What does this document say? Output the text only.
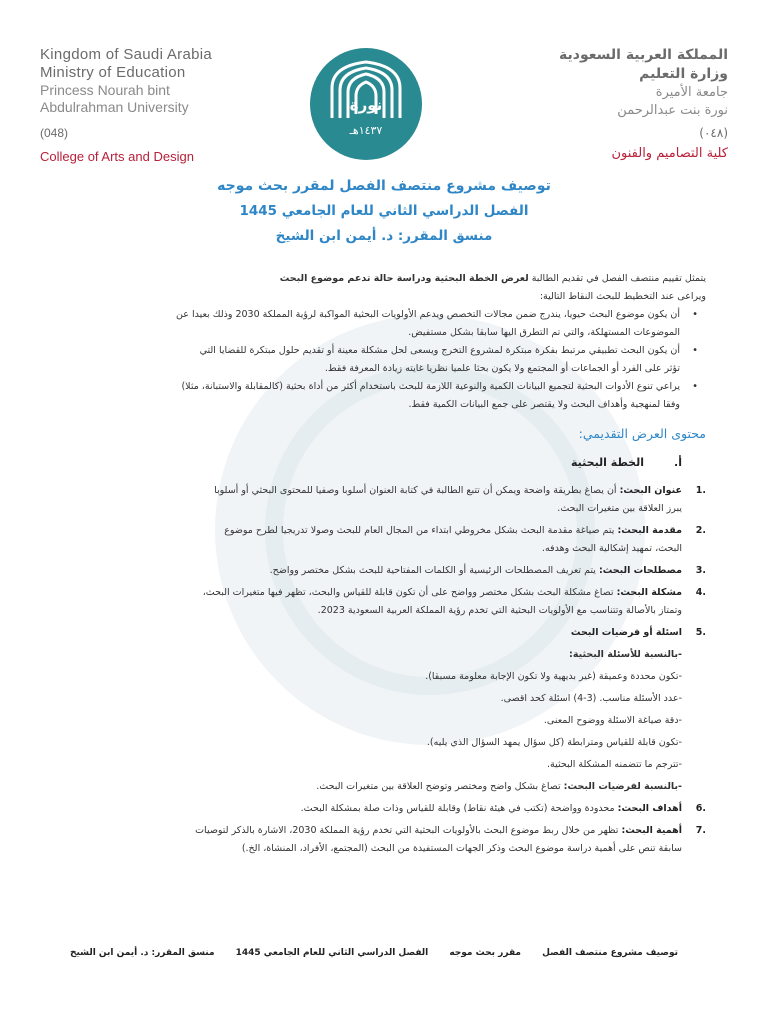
Kingdom of Saudi Arabia
Ministry of Education
Princess Nourah bint
Abdulrahman University
(048)
College of Arts and Design
نورة
١٤٣٧هـ
المملكة العربية السعودية
وزارة التعليم
جامعة الأميرة
نورة بنت عبدالرحمن
(٠٤٨)
كلية التصاميم والفنون
توصيف مشروع منتصف الفصل لمقرر بحث موجه
الفصل الدراسي الثاني للعام الجامعي 1445
منسق المقرر: د. أيمن ابن الشيخ
يتمثل تقييم منتصف الفصل في تقديم الطالبة لعرض الخطة البحثية ودراسة حالة تدعم موضوع البحث
ويراعى عند التخطيط للبحث النقاط التالية:
• أن يكون موضوع البحث حيويا، يندرج ضمن مجالات التخصص ويدعم الأولويات البحثية المواكبة لرؤية المملكة 2030 وذلك بعيدا عن
الموضوعات المستهلكة، والتي تم التطرق اليها سابقا بشكل مستفيض.
• أن يكون البحث تطبيقي مرتبط بفكرة مبتكرة لمشروع التخرج ويسعى لحل مشكلة معينة أو تقديم حلول مبتكرة للقضايا التي
تؤثر على الفرد أو الجماعات أو المجتمع ولا يكون بحثا علميا نظريا غايته زيادة المعرفة فقط.
• يراعي تنوع الأدوات البحثية لتجميع البيانات الكمية والنوعية اللازمة للبحث باستخدام أكثر من أداة بحثية (كالمقابلة والاستبانة، مثلا)
وفقا لمنهجية وأهداف البحث ولا يقتصر على جمع البيانات الكمية فقط.
محتوى العرض التقديمي:
أ.الخطة البحثية
.1
عنوان البحث: أن يصاغ بطريقة واضحة ويمكن أن تتبع الطالبة في كتابة العنوان أسلوبا وصفيا للمحتوى البحثي أو أسلوبا
يبرز العلاقة بين متغيرات البحث.
.2
مقدمة البحث: يتم صياغة مقدمة البحث بشكل مخروطي ابتداء من المجال العام للبحث وصولا تدريجيا لطرح موضوع
البحث، تمهيد إشكالية البحث وهدفه.
.3
مصطلحات البحث: يتم تعريف المصطلحات الرئيسية أو الكلمات المفتاحية للبحث بشكل مختصر وواضح.
.4
مشكلة البحث: تصاغ مشكلة البحث بشكل مختصر وواضح على أن تكون قابلة للقياس والبحث، تظهر فيها متغيرات البحث،
وتمتاز بالأصالة وتتناسب مع الأولويات البحثية التي تخدم رؤية المملكة العربية السعودية 2023.
.5
اسئلة أو فرضيات البحث
-بالنسبة للأسئلة البحثية:
-تكون محددة وعميقة (غير بديهية ولا تكون الإجابة معلومة مسبقا).
-عدد الأسئلة مناسب. (3-4) اسئلة كحد اقصى.
-دقة صياغة الاسئلة ووضوح المعنى.
-تكون قابلة للقياس ومترابطة (كل سؤال يمهد السؤال الذي يليه).
-تترجم ما تتضمنه المشكلة البحثية.
-بالنسبة لفرضيات البحث: تصاغ بشكل واضح ومختصر وتوضح العلاقة بين متغيرات البحث.
.6
أهداف البحث: محدودة وواضحة (تكتب في هيئة نقاط) وقابلة للقياس وذات صلة بمشكلة البحث.
.7
أهمية البحث: تظهر من خلال ربط موضوع البحث بالأولويات البحثية التي تخدم رؤية المملكة 2030، الاشارة بالذكر لتوصيات
سابقة تنص على أهمية دراسة موضوع البحث وذكر الجهات المستفيدة من البحث (المجتمع، الأفراد، المنشاة، الخ.)
توصيف مشروع منتصف الفصل
مقرر بحث موجه
الفصل الدراسي الثاني للعام الجامعي 1445
منسق المقرر: د. أيمن ابن الشيخ
